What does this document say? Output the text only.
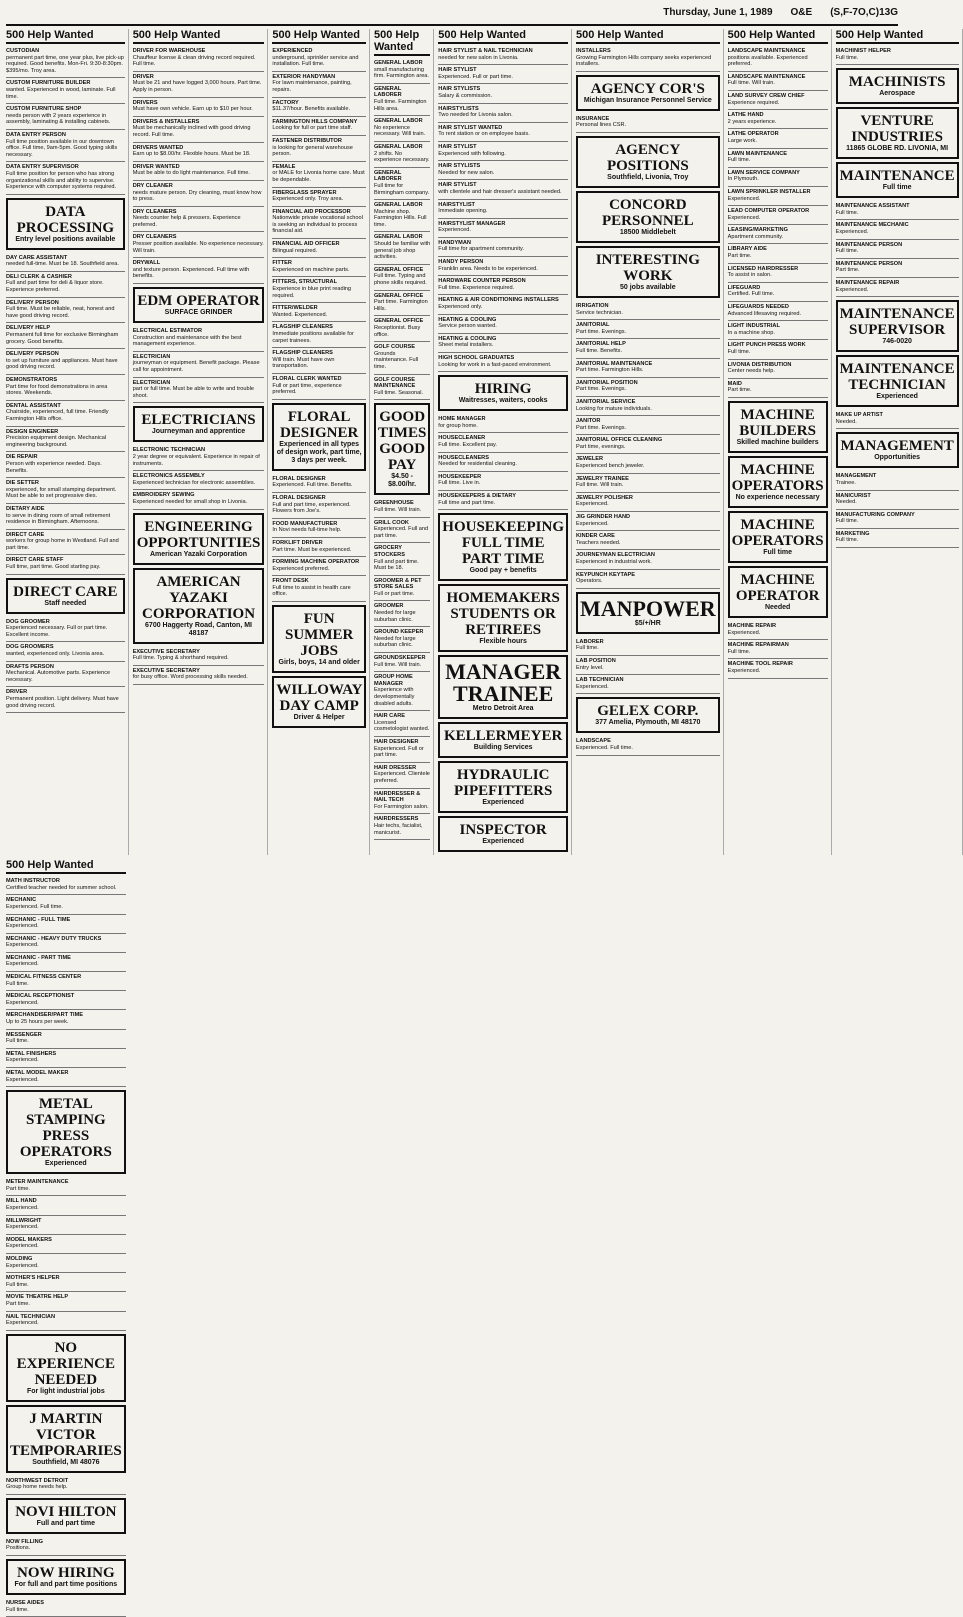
Thursday, June 1, 1989 O&E (S,F-7O,C)13G
500 Help Wanted
CUSTODIAN
permanent part time, one year plus, live pick-up required. Good benefits. Mon-Fri. 9:30-8:30pm. $395/mo. Troy area.
CUSTOM FURNITURE BUILDER
wanted. Experienced in wood, laminate. Full time.
CUSTOM FURNITURE SHOP
needs person with 2 years experience in assembly, laminating & installing cabinets.
DATA ENTRY PERSON
Full time position available in our downtown office. Full time, 9am-5pm. Good typing skills necessary.
DATA ENTRY SUPERVISOR
Full time position for person who has strong organizational skills and ability to supervise. Experience with computer systems required.
DATA PROCESSING
Entry level positions available
DAY CARE ASSISTANT
needed full-time. Must be 18. Southfield area.
DELI CLERK & CASHIER
Full and part time for deli & liquor store. Experience preferred.
DELIVERY PERSON
Full time. Must be reliable, neat, honest and have good driving record.
DELIVERY HELP
Permanent full time for exclusive Birmingham grocery. Good benefits.
DELIVERY PERSON
to set up furniture and appliances. Must have good driving record.
DEMONSTRATORS
Part time for food demonstrations in area stores. Weekends.
DENTAL ASSISTANT
Chairside, experienced, full time. Friendly Farmington Hills office.
DESIGN ENGINEER
Precision equipment design. Mechanical engineering background.
DIE REPAIR
Person with experience needed. Days. Benefits.
DIE SETTER
experienced, for small stamping department. Must be able to set progressive dies.
DIETARY AIDE
to serve in dining room of small retirement residence in Birmingham. Afternoons.
DIRECT CARE
workers for group home in Westland. Full and part time.
DIRECT CARE STAFF
Full time, part time. Good starting pay.
DIRECT CARE
Staff needed
DOG GROOMER
Experienced necessary. Full or part time. Excellent income.
DOG GROOMERS
wanted, experienced only. Livonia area.
DRAFTS PERSON
Mechanical. Automotive parts. Experience necessary.
DRIVER
Permanent position. Light delivery. Must have good driving record.
500 Help Wanted
DRIVER FOR WAREHOUSE
Chauffeur license & clean driving record required. Full time.
DRIVER
Must be 21 and have logged 3,000 hours. Part time. Apply in person.
DRIVERS
Must have own vehicle. Earn up to $10 per hour.
DRIVERS & INSTALLERS
Must be mechanically inclined with good driving record. Full time.
DRIVERS WANTED
Earn up to $8.00/hr. Flexible hours. Must be 18.
DRIVER WANTED
Must be able to do light maintenance. Full time.
DRY CLEANER
needs mature person. Dry cleaning, must know how to press.
DRY CLEANERS
Needs counter help & pressers. Experience preferred.
DRY CLEANERS
Presser position available. No experience necessary. Will train.
DRYWALL
and texture person. Experienced. Full time with benefits.
EDM OPERATOR
SURFACE GRINDER
ELECTRICAL ESTIMATOR
Construction and maintenance with the best management experience.
ELECTRICIAN
journeyman or equipment. Benefit package. Please call for appointment.
ELECTRICIAN
part or full time. Must be able to write and trouble shoot.
ELECTRICIANS
Journeyman and apprentice
ELECTRONIC TECHNICIAN
2 year degree or equivalent. Experience in repair of instruments.
ELECTRONICS ASSEMBLY
Experienced technician for electronic assemblies.
EMBROIDERY SEWING
Experienced needed for small shop in Livonia.
ENGINEERING OPPORTUNITIES
American Yazaki Corporation
AMERICAN YAZAKI CORPORATION
6700 Haggerty Road, Canton, MI 48187
EXECUTIVE SECRETARY
Full time. Typing & shorthand required.
EXECUTIVE SECRETARY
for busy office. Word processing skills needed.
500 Help Wanted
EXPERIENCED
underground, sprinkler service and installation. Full time.
EXTERIOR HANDYMAN
For lawn maintenance, painting, repairs.
FACTORY
$11.37/hour. Benefits available.
FARMINGTON HILLS COMPANY
Looking for full or part time staff.
FASTENER DISTRIBUTOR
is looking for general warehouse person.
FEMALE
or MALE for Livonia home care. Must be dependable.
FIBERGLASS SPRAYER
Experienced only. Troy area.
FINANCIAL AID PROCESSOR
Nationwide private vocational school is seeking an individual to process financial aid.
FINANCIAL AID OFFICER
Bilingual required.
FITTER
Experienced on machine parts.
FITTERS, STRUCTURAL
Experience in blue print reading required.
FITTER/WELDER
Wanted. Experienced.
FLAGSHIP CLEANERS
Immediate positions available for carpet trainees.
FLAGSHIP CLEANERS
Will train. Must have own transportation.
FLORAL CLERK WANTED
Full or part time, experience preferred.
FLORAL DESIGNER
Experienced in all types of design work, part time, 3 days per week.
FLORAL DESIGNER
Experienced. Full time. Benefits.
FLORAL DESIGNER
Full and part time, experienced. Flowers from Joe's.
FOOD MANUFACTURER
In Novi needs full-time help.
FORKLIFT DRIVER
Part time. Must be experienced.
FORMING MACHINE OPERATOR
Experienced preferred.
FRONT DESK
Full time to assist in health care office.
FUN SUMMER JOBS
Girls, boys, 14 and older
WILLOWAY DAY CAMP
Driver & Helper
500 Help Wanted
GENERAL LABOR
small manufacturing firm. Farmington area.
GENERAL LABORER
Full time. Farmington Hills area.
GENERAL LABOR
No experience necessary. Will train.
GENERAL LABOR
2 shifts. No experience necessary.
GENERAL LABORER
Full time for Birmingham company.
GENERAL LABOR
Machine shop. Farmington Hills. Full time.
GENERAL LABOR
Should be familiar with general job shop activities.
GENERAL OFFICE
Full time. Typing and phone skills required.
GENERAL OFFICE
Part time. Farmington Hills.
GENERAL OFFICE
Receptionist. Busy office.
GOLF COURSE
Grounds maintenance. Full time.
GOLF COURSE MAINTENANCE
Full time. Seasonal.
GOOD TIMES GOOD PAY
$4.50 - $8.00/hr.
GREENHOUSE
Full time. Will train.
GRILL COOK
Experienced. Full and part time.
GROCERY STOCKERS
Full and part time. Must be 18.
GROOMER & PET STORE SALES
Full or part time.
GROOMER
Needed for large suburban clinic.
GROUND KEEPER
Needed for large suburban clinic.
GROUNDSKEEPER
Full time. Will train.
GROUP HOME MANAGER
Experience with developmentally disabled adults.
HAIR CARE
Licensed cosmetologist wanted.
HAIR DESIGNER
Experienced. Full or part time.
HAIR DRESSER
Experienced. Clientele preferred.
HAIRDRESSER & NAIL TECH
For Farmington salon.
HAIRDRESSERS
Hair techs, facialist, manicurist.
500 Help Wanted
HAIR STYLIST & NAIL TECHNICIAN
needed for new salon in Livonia.
HAIR STYLIST
Experienced. Full or part time.
HAIR STYLISTS
Salary & commission.
HAIRSTYLISTS
Two needed for Livonia salon.
HAIR STYLIST WANTED
To rent station or on employee basis.
HAIR STYLIST
Experienced with following.
HAIR STYLISTS
Needed for new salon.
HAIR STYLIST
with clientele and hair dresser's assistant needed.
HAIRSTYLIST
Immediate opening.
HAIRSTYLIST MANAGER
Experienced.
HANDYMAN
Full time for apartment community.
HANDY PERSON
Franklin area. Needs to be experienced.
HARDWARE COUNTER PERSON
Full time. Experience required.
HEATING & AIR CONDITIONING INSTALLERS
Experienced only.
HEATING & COOLING
Service person wanted.
HEATING & COOLING
Sheet metal installers.
HIGH SCHOOL GRADUATES
Looking for work in a fast-paced environment.
HIRING
Waitresses, waiters, cooks
HOME MANAGER
for group home.
HOUSECLEANER
Full time. Excellent pay.
HOUSECLEANERS
Needed for residential cleaning.
HOUSEKEEPER
Full time. Live in.
HOUSEKEEPERS & DIETARY
Full time and part time.
HOUSEKEEPING FULL TIME PART TIME
Good pay + benefits
HOMEMAKERS STUDENTS OR RETIREES
Flexible hours
MANAGER TRAINEE
Metro Detroit Area
KELLERMEYER
Building Services
HYDRAULIC PIPEFITTERS
Experienced
INSPECTOR
Experienced
500 Help Wanted
INSTALLERS
Growing Farmington Hills company seeks experienced installers.
AGENCY COR'S
Michigan Insurance Personnel Service
INSURANCE
Personal lines CSR.
AGENCY POSITIONS
Southfield, Livonia, Troy
CONCORD PERSONNEL
18500 Middlebelt
INTERESTING WORK
50 jobs available
IRRIGATION
Service technician.
JANITORIAL
Part time. Evenings.
JANITORIAL HELP
Full time. Benefits.
JANITORIAL MAINTENANCE
Part time. Farmington Hills.
JANITORIAL POSITION
Part time. Evenings.
JANITORIAL SERVICE
Looking for mature individuals.
JANITOR
Part time. Evenings.
JANITORIAL OFFICE CLEANING
Part time, evenings.
JEWELER
Experienced bench jeweler.
JEWELRY TRAINEE
Full time. Will train.
JEWELRY POLISHER
Experienced.
JIG GRINDER HAND
Experienced.
KINDER CARE
Teachers needed.
JOURNEYMAN ELECTRICIAN
Experienced in industrial work.
KEYPUNCH KEYTAPE
Operators.
MANPOWER
$5/+/HR
LABORER
Full time.
LAB POSITION
Entry level.
LAB TECHNICIAN
Experienced.
GELEX CORP.
377 Amelia, Plymouth, MI 48170
LANDSCAPE
Experienced. Full time.
500 Help Wanted
LANDSCAPE MAINTENANCE
positions available. Experienced preferred.
LANDSCAPE MAINTENANCE
Full time. Will train.
LAND SURVEY CREW CHIEF
Experience required.
LATHE HAND
2 years experience.
LATHE OPERATOR
Large work.
LAWN MAINTENANCE
Full time.
LAWN SERVICE COMPANY
In Plymouth.
LAWN SPRINKLER INSTALLER
Experienced.
LEAD COMPUTER OPERATOR
Experienced.
LEASING/MARKETING
Apartment community.
LIBRARY AIDE
Part time.
LICENSED HAIRDRESSER
To assist in salon.
LIFEGUARD
Certified. Full time.
LIFEGUARDS NEEDED
Advanced lifesaving required.
LIGHT INDUSTRIAL
In a machine shop.
LIGHT PUNCH PRESS WORK
Full time.
LIVONIA DISTRIBUTION
Center needs help.
MAID
Part time.
MACHINE BUILDERS
Skilled machine builders
MACHINE OPERATORS
No experience necessary
MACHINE OPERATORS
Full time
MACHINE OPERATOR
Needed
MACHINE REPAIR
Experienced.
MACHINE REPAIRMAN
Full time.
MACHINE TOOL REPAIR
Experienced.
500 Help Wanted
MACHINIST HELPER
Full time.
MACHINISTS
Aerospace
VENTURE INDUSTRIES
11865 GLOBE RD. LIVONIA, MI
MAINTENANCE
Full time
MAINTENANCE ASSISTANT
Full time.
MAINTENANCE MECHANIC
Experienced.
MAINTENANCE PERSON
Full time.
MAINTENANCE PERSON
Part time.
MAINTENANCE REPAIR
Experienced.
MAINTENANCE SUPERVISOR
746-0020
MAINTENANCE TECHNICIAN
Experienced
MAKE UP ARTIST
Needed.
MANAGEMENT
Opportunities
MANAGEMENT
Trainee.
MANICURIST
Needed.
MANUFACTURING COMPANY
Full time.
MARKETING
Full time.
500 Help Wanted
MATH INSTRUCTOR
Certified teacher needed for summer school.
MECHANIC
Experienced. Full time.
MECHANIC - FULL TIME
Experienced.
MECHANIC - HEAVY DUTY TRUCKS
Experienced.
MECHANIC - PART TIME
Experienced.
MEDICAL FITNESS CENTER
Full time.
MEDICAL RECEPTIONIST
Experienced.
MERCHANDISER/PART TIME
Up to 25 hours per week.
MESSENGER
Full time.
METAL FINISHERS
Experienced.
METAL MODEL MAKER
Experienced.
METAL STAMPING PRESS OPERATORS
Experienced
METER MAINTENANCE
Part time.
MILL HAND
Experienced.
MILLWRIGHT
Experienced.
MODEL MAKERS
Experienced.
MOLDING
Experienced.
MOTHER'S HELPER
Full time.
MOVIE THEATRE HELP
Part time.
NAIL TECHNICIAN
Experienced.
NO EXPERIENCE NEEDED
For light industrial jobs
J MARTIN VICTOR TEMPORARIES
Southfield, MI 48076
NORTHWEST DETROIT
Group home needs help.
NOVI HILTON
Full and part time
NOW FILLING
Positions.
NOW HIRING
For full and part time positions
NURSE AIDES
Full time.
